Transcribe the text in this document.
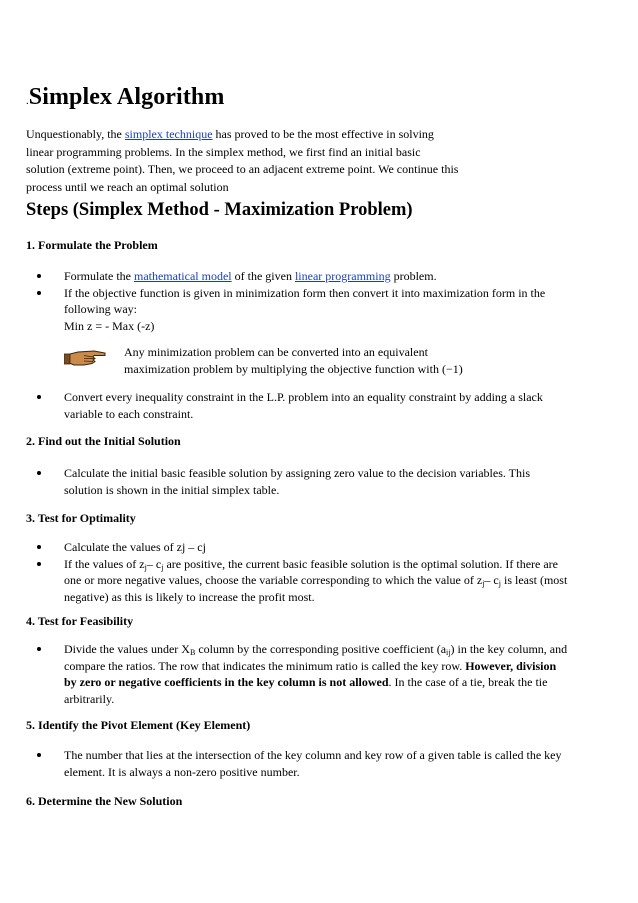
.Simplex Algorithm

Unquestionably, the simplex technique has proved to be the most effective in solving

linear programming problems. In the simplex method, we first find an initial basic

solution (extreme point). Then, we proceed to an adjacent extreme point. We continue this

process until we reach an optimal solution

Steps (Simplex Method - Maximization Problem)
1. Formulate the Problem
Formulate the mathematical model of the given linear programming problem.
If the objective function is given in minimization form then convert it into maximization form in the
following way:
Min z = - Max (-z)
Any minimization problem can be converted into an equivalent
maximization problem by multiplying the objective function with (−1)
Convert every inequality constraint in the L.P. problem into an equality constraint by adding a slack
variable to each constraint.
2. Find out the Initial Solution
Calculate the initial basic feasible solution by assigning zero value to the decision variables. This
solution is shown in the initial simplex table.
3. Test for Optimality
Calculate the values of zj – cj
If the values of $z_j-$ $c_j$ are positive, the current basic feasible solution is the optimal solution. If there are
one or more negative values, choose the variable corresponding to which the value of $z_j-$ $c_j$ is least (most
negative) as this is likely to increase the profit most.
4. Test for Feasibility
Divide the values under $X_B$ column by the corresponding positive coefficient $(a_{ij})$ in the key column, and
compare the ratios. The row that indicates the minimum ratio is called the key row. However, division
by zero or negative coefficients in the key column is not allowed. In the case of a tie, break the tie
arbitrarily.
5. Identify the Pivot Element (Key Element)
The number that lies at the intersection of the key column and key row of a given table is called the key
element. It is always a non-zero positive number.
6. Determine the New Solution
